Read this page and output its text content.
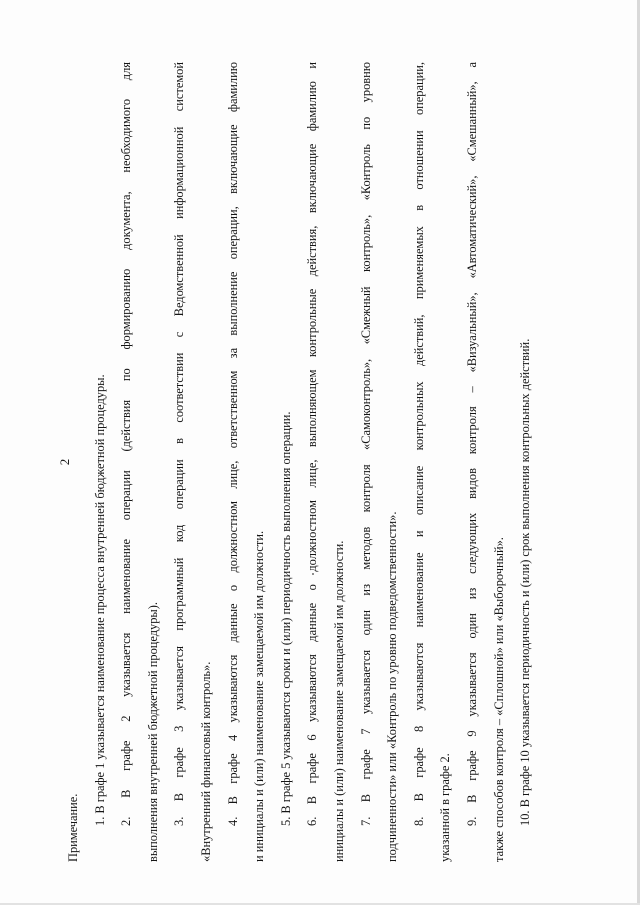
2

Примечание.

1. В графе 1 указывается наименование процесса внутренней бюджетной процедуры.	2. В графе 2 указывается наименование операции (действия по формированию документа, необходимого для	выполнения внутренней бюджетной процедуры).	3. В графе 3 указывается программный код операции в соответствии с Ведомственной информационной системой	«Внутренний финансовый контроль».	4. В графе 4 указываются данные о должностном лице, ответственном за выполнение операции, включающие фамилию	и инициалы и (или) наименование замещаемой им должности.	5. В графе 5 указываются сроки и (или) периодичность выполнения операции.	6. В графе 6 указываются данные о должностном лице, выполняющем контрольные действия, включающие фамилию и	инициалы и (или) наименование замещаемой им должности.	7. В графе 7 указывается один из методов контроля «Самоконтроль», «Смежный контроль», «Контроль по уровню	подчиненности» или «Контроль по уровню подведомственности».	8. В графе 8 указываются наименование и описание контрольных действий, применяемых в отношении операции,	указанной в графе 2.	9. В графе 9 указывается один из следующих видов контроля – «Визуальный», «Автоматический», «Смешанный», а	также способов контроля – «Сплошной» или «Выборочный».	10. В графе 10 указывается периодичность и (или) срок выполнения контрольных действий.
